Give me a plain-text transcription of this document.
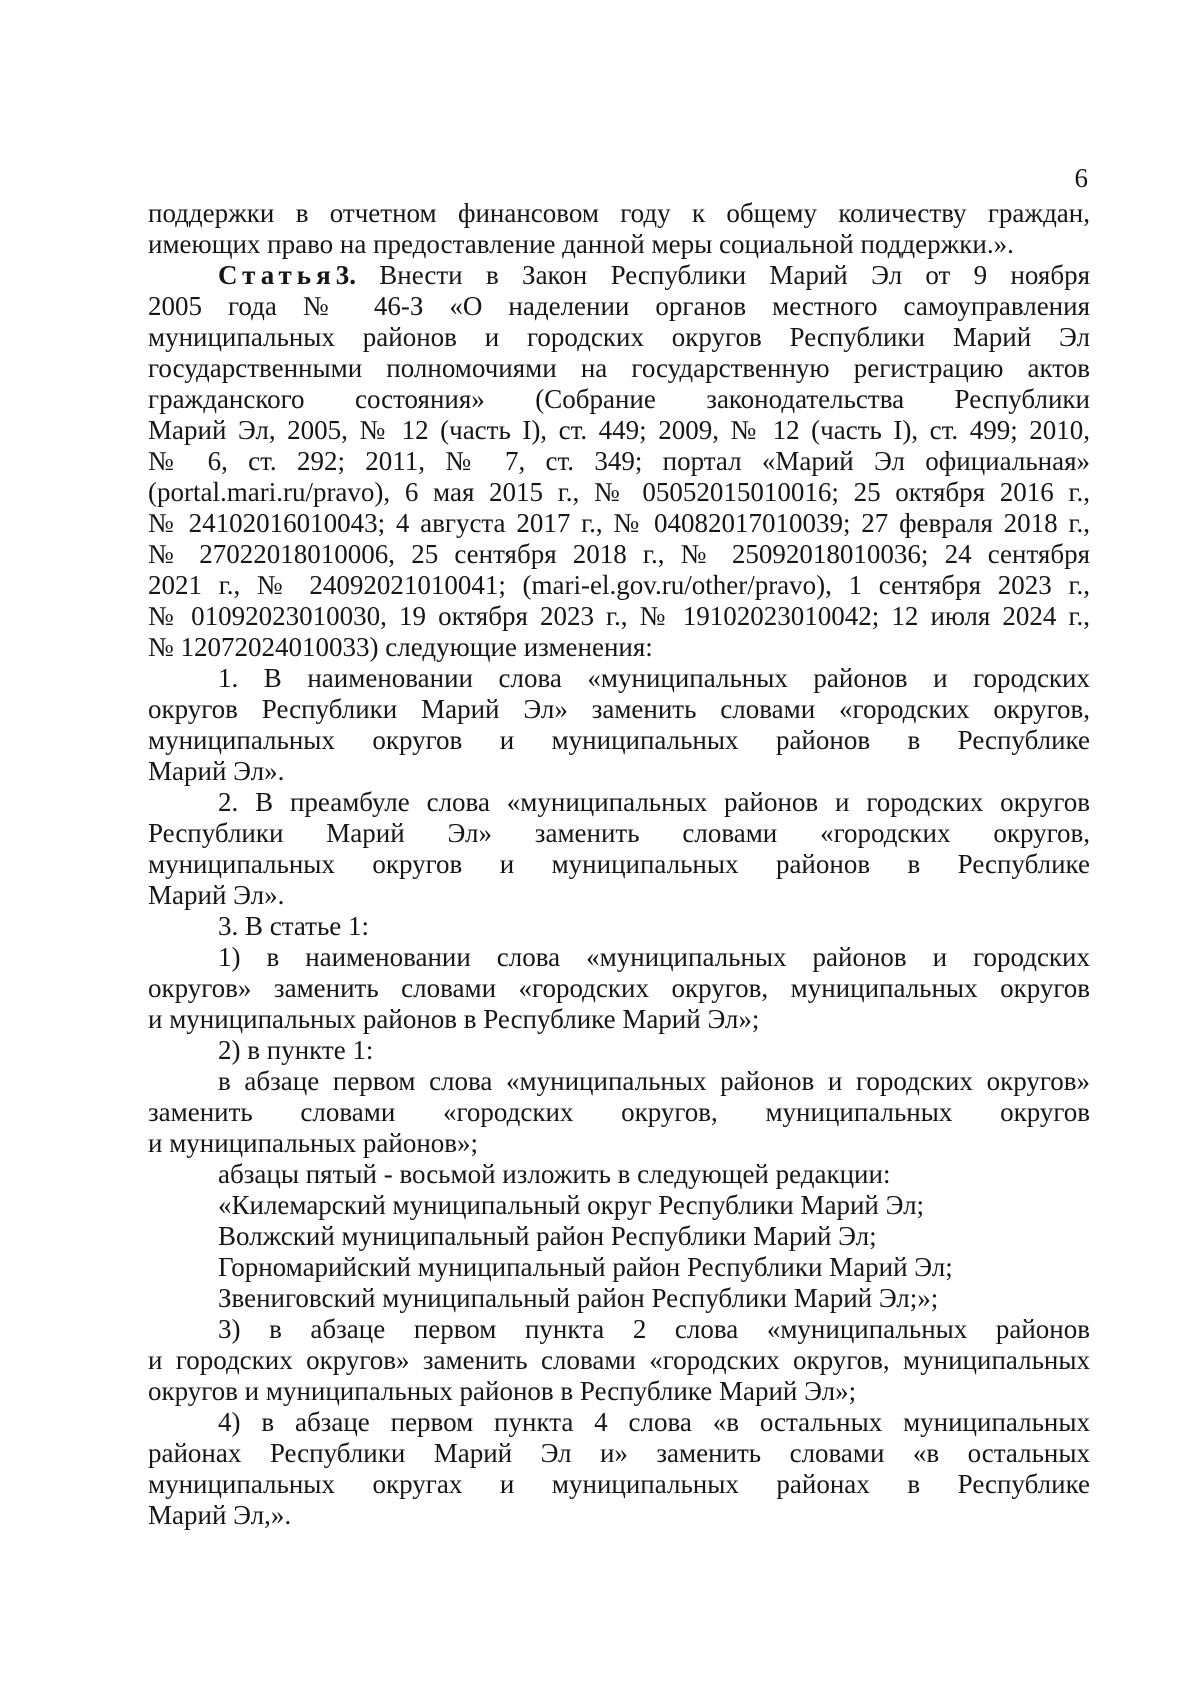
6
поддержки в отчетном финансовом году к общему количеству граждан,
имеющих право на предоставление данной меры социальной поддержки.».
Статья3. Внести в Закон Республики Марий Эл от 9 ноября
2005 года № 46-З «О наделении органов местного самоуправления
муниципальных районов и городских округов Республики Марий Эл
государственными полномочиями на государственную регистрацию актов
гражданского состояния» (Собрание законодательства Республики
Марий Эл, 2005, № 12 (часть I), ст. 449; 2009, № 12 (часть I), ст. 499; 2010,
№ 6, ст. 292; 2011, № 7, ст. 349; портал «Марий Эл официальная»
(portal.mari.ru/pravo), 6 мая 2015 г., № 05052015010016; 25 октября 2016 г.,
№ 24102016010043; 4 августа 2017 г., № 04082017010039; 27 февраля 2018 г.,
№ 27022018010006, 25 сентября 2018 г., № 25092018010036; 24 сентября
2021 г., № 24092021010041; (mari-el.gov.ru/other/pravo), 1 сентября 2023 г.,
№ 01092023010030, 19 октября 2023 г., № 19102023010042; 12 июля 2024 г.,
№ 12072024010033) следующие изменения:
1. В наименовании слова «муниципальных районов и городских
округов Республики Марий Эл» заменить словами «городских округов,
муниципальных округов и муниципальных районов в Республике
Марий Эл».
2. В преамбуле слова «муниципальных районов и городских округов
Республики Марий Эл» заменить словами «городских округов,
муниципальных округов и муниципальных районов в Республике
Марий Эл».
3. В статье 1:
1) в наименовании слова «муниципальных районов и городских
округов» заменить словами «городских округов, муниципальных округов
и муниципальных районов в Республике Марий Эл»;
2) в пункте 1:
в абзаце первом слова «муниципальных районов и городских округов»
заменить словами «городских округов, муниципальных округов
и муниципальных районов»;
абзацы пятый - восьмой изложить в следующей редакции:
«Килемарский муниципальный округ Республики Марий Эл;
Волжский муниципальный район Республики Марий Эл;
Горномарийский муниципальный район Республики Марий Эл;
Звениговский муниципальный район Республики Марий Эл;»;
3) в абзаце первом пункта 2 слова «муниципальных районов
и городских округов» заменить словами «городских округов, муниципальных
округов и муниципальных районов в Республике Марий Эл»;
4) в абзаце первом пункта 4 слова «в остальных муниципальных
районах Республики Марий Эл и» заменить словами «в остальных
муниципальных округах и муниципальных районах в Республике
Марий Эл,».
